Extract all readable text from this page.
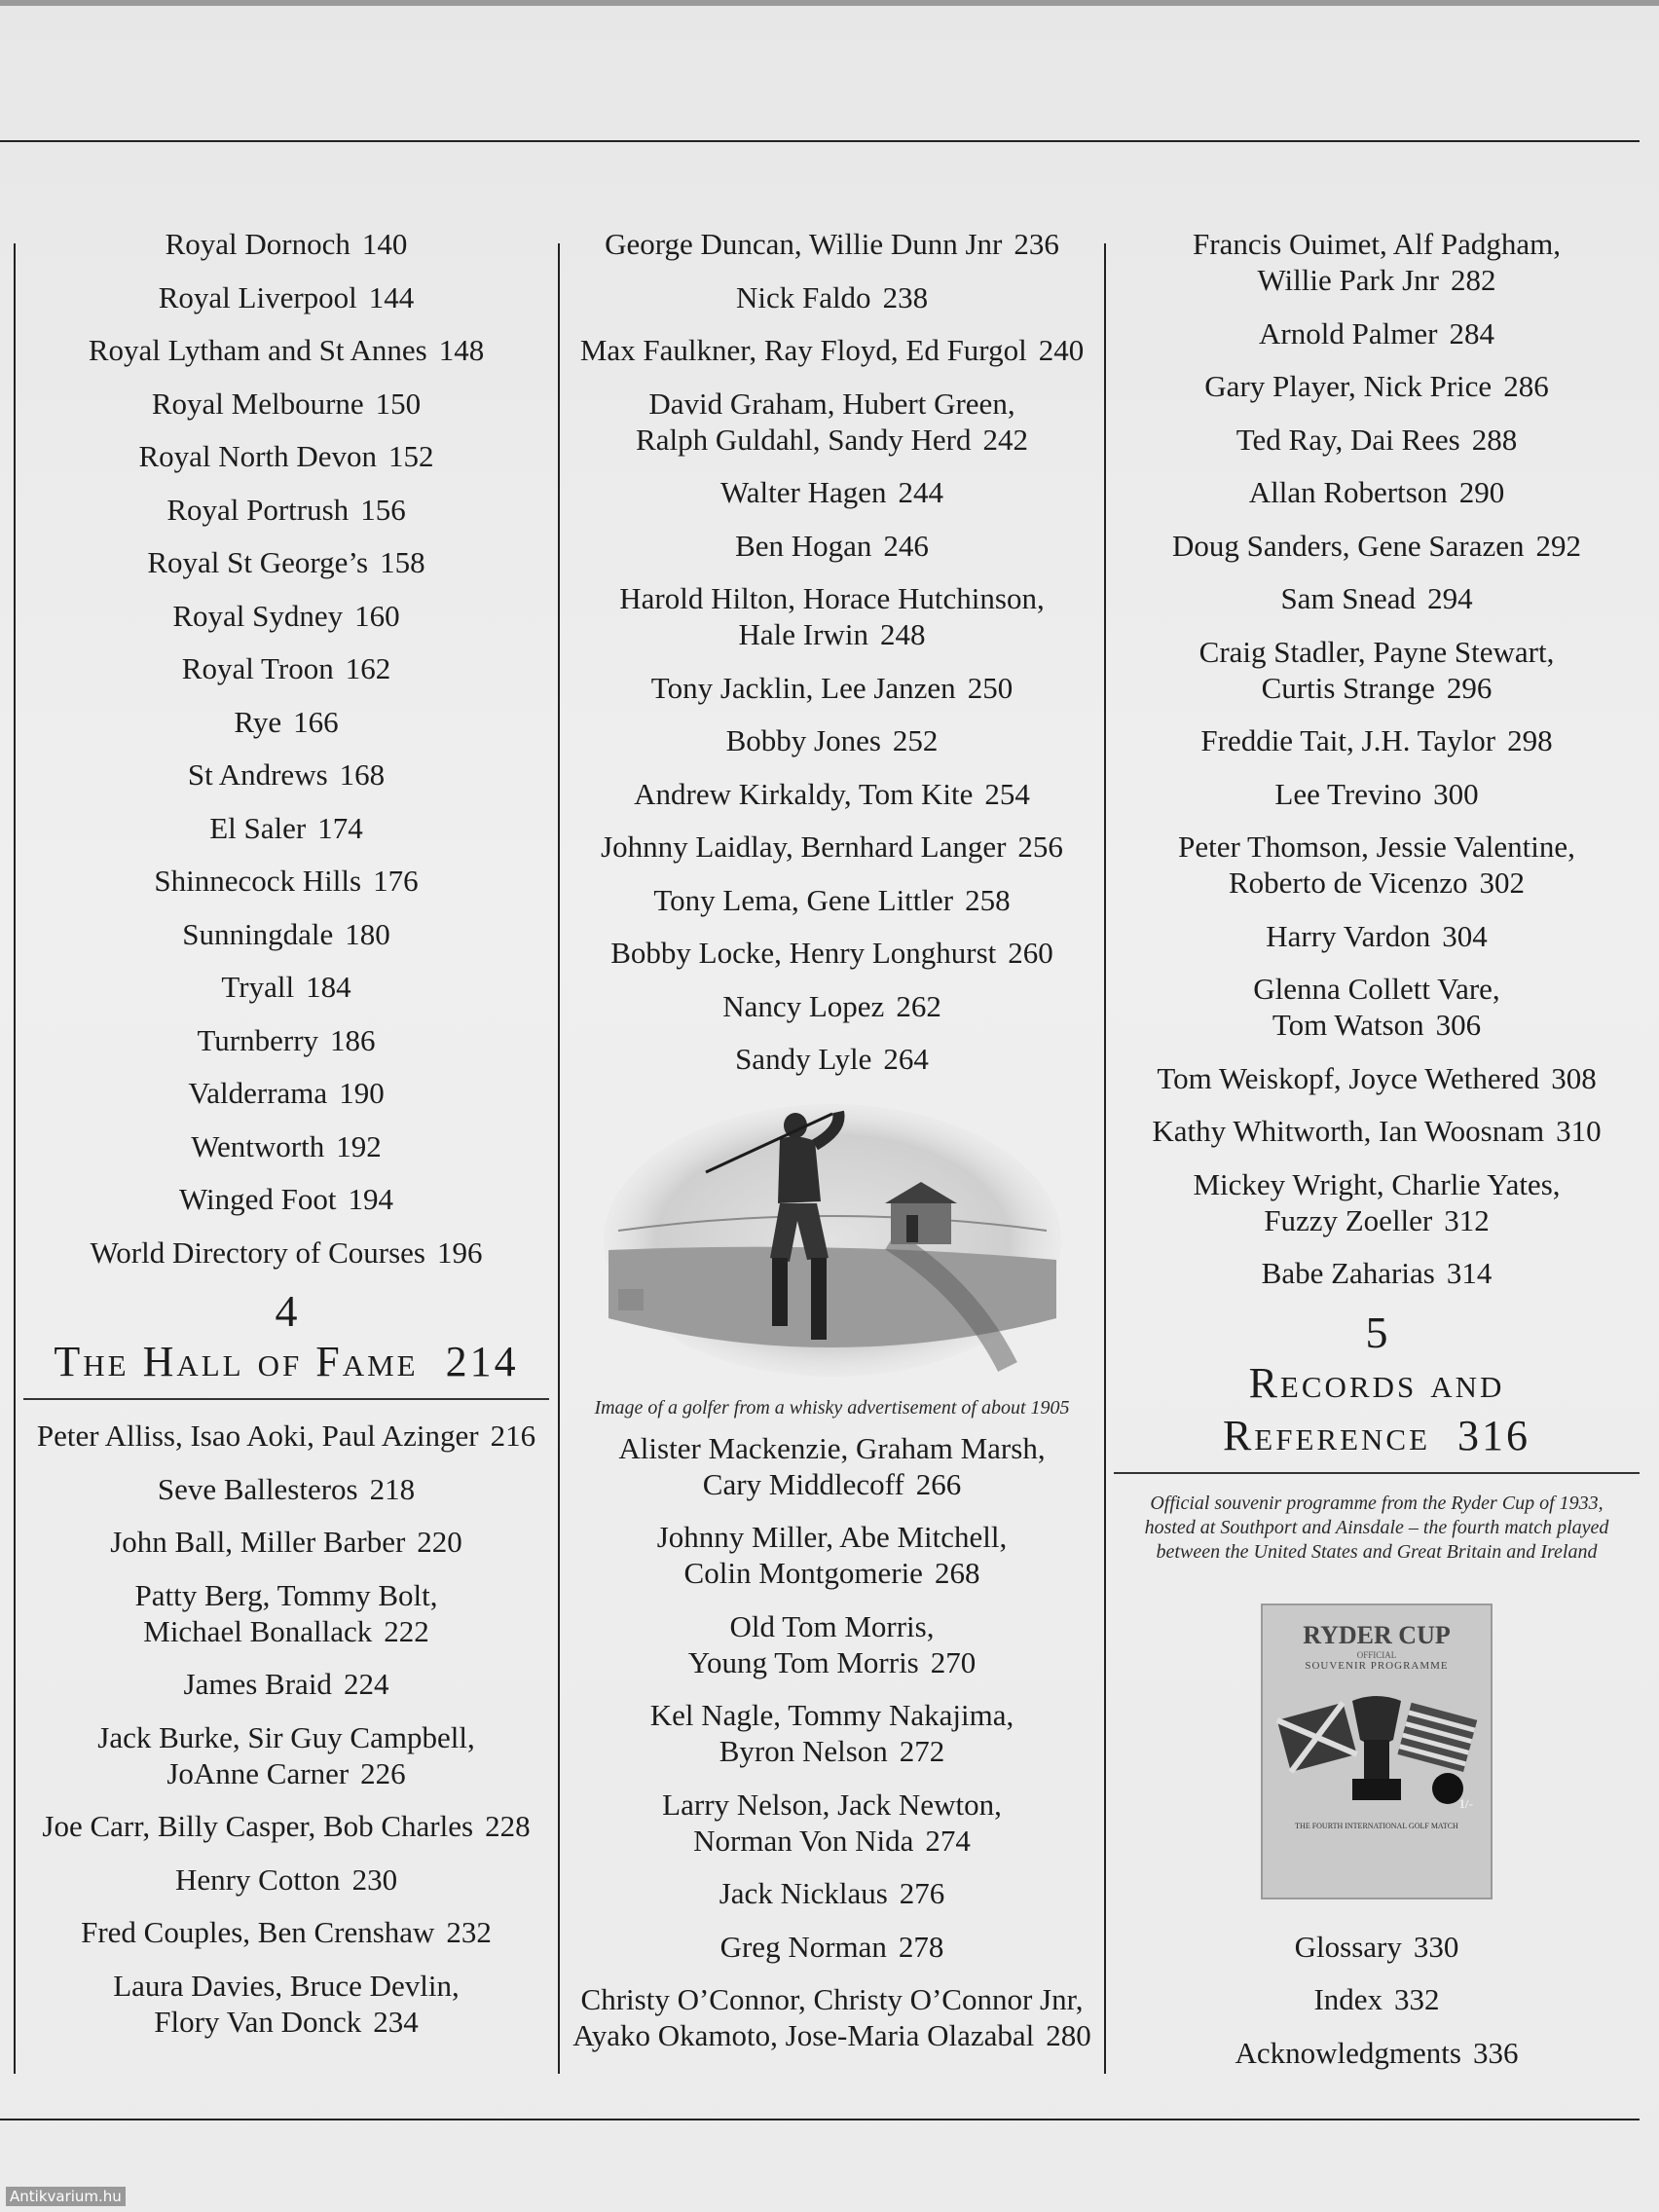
Royal Dornoch 140
Royal Liverpool 144
Royal Lytham and St Annes 148
Royal Melbourne 150
Royal North Devon 152
Royal Portrush 156
Royal St George’s 158
Royal Sydney 160
Royal Troon 162
Rye 166
St Andrews 168
El Saler 174
Shinnecock Hills 176
Sunningdale 180
Tryall 184
Turnberry 186
Valderrama 190
Wentworth 192
Winged Foot 194
World Directory of Courses 196
4
The Hall of Fame 214
Peter Alliss, Isao Aoki, Paul Azinger 216
Seve Ballesteros 218
John Ball, Miller Barber 220
Patty Berg, Tommy Bolt,
Michael Bonallack 222
James Braid 224
Jack Burke, Sir Guy Campbell,
JoAnne Carner 226
Joe Carr, Billy Casper, Bob Charles 228
Henry Cotton 230
Fred Couples, Ben Crenshaw 232
Laura Davies, Bruce Devlin,
Flory Van Donck 234
George Duncan, Willie Dunn Jnr 236
Nick Faldo 238
Max Faulkner, Ray Floyd, Ed Furgol 240
David Graham, Hubert Green,
Ralph Guldahl, Sandy Herd 242
Walter Hagen 244
Ben Hogan 246
Harold Hilton, Horace Hutchinson,
Hale Irwin 248
Tony Jacklin, Lee Janzen 250
Bobby Jones 252
Andrew Kirkaldy, Tom Kite 254
Johnny Laidlay, Bernhard Langer 256
Tony Lema, Gene Littler 258
Bobby Locke, Henry Longhurst 260
Nancy Lopez 262
Sandy Lyle 264
Image of a golfer from a whisky advertisement of about 1905
Alister Mackenzie, Graham Marsh,
Cary Middlecoff 266
Johnny Miller, Abe Mitchell,
Colin Montgomerie 268
Old Tom Morris,
Young Tom Morris 270
Kel Nagle, Tommy Nakajima,
Byron Nelson 272
Larry Nelson, Jack Newton,
Norman Von Nida 274
Jack Nicklaus 276
Greg Norman 278
Christy O’Connor, Christy O’Connor Jnr,
Ayako Okamoto, Jose-Maria Olazabal 280
Francis Ouimet, Alf Padgham,
Willie Park Jnr 282
Arnold Palmer 284
Gary Player, Nick Price 286
Ted Ray, Dai Rees 288
Allan Robertson 290
Doug Sanders, Gene Sarazen 292
Sam Snead 294
Craig Stadler, Payne Stewart,
Curtis Strange 296
Freddie Tait, J.H. Taylor 298
Lee Trevino 300
Peter Thomson, Jessie Valentine,
Roberto de Vicenzo 302
Harry Vardon 304
Glenna Collett Vare,
Tom Watson 306
Tom Weiskopf, Joyce Wethered 308
Kathy Whitworth, Ian Woosnam 310
Mickey Wright, Charlie Yates,
Fuzzy Zoeller 312
Babe Zaharias 314
5
Records and
Reference 316
Official souvenir programme from the Ryder Cup of 1933,
hosted at Southport and Ainsdale – the fourth match played
between the United States and Great Britain and Ireland
RYDER CUP
OFFICIAL
SOUVENIR PROGRAMME
1/-
THE FOURTH INTERNATIONAL GOLF MATCH
Glossary 330
Index 332
Acknowledgments 336
Antikvarium.hu
